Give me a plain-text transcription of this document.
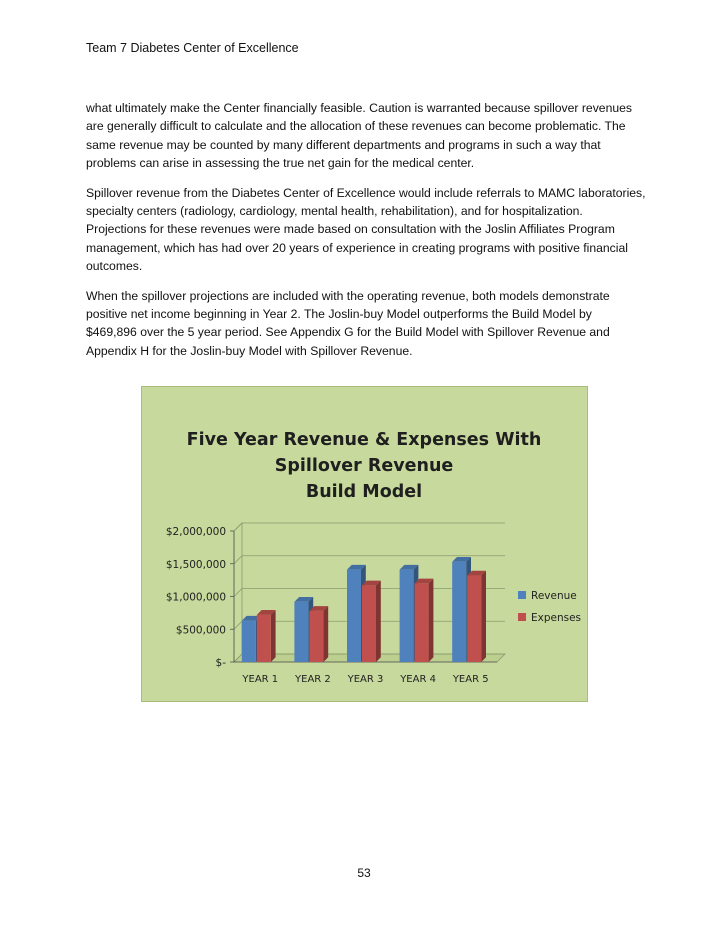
Team 7 Diabetes Center of Excellence

what ultimately make the Center financially feasible. Caution is warranted because spillover revenues are generally difficult to calculate and the allocation of these revenues can become problematic. The same revenue may be counted by many different departments and programs in such a way that problems can arise in assessing the true net gain for the medical center.

Spillover revenue from the Diabetes Center of Excellence would include referrals to MAMC laboratories, specialty centers (radiology, cardiology, mental health, rehabilitation), and for hospitalization. Projections for these revenues were made based on consultation with the Joslin Affiliates Program management, which has had over 20 years of experience in creating programs with positive financial outcomes.

When the spillover projections are included with the operating revenue, both models demonstrate positive net income beginning in Year 2. The Joslin-buy Model outperforms the Build Model by $469,896 over the 5 year period. See Appendix G for the Build Model with Spillover Revenue and Appendix H for the Joslin-buy Model with Spillover Revenue.

Five Year Revenue & Expenses With
Spillover Revenue
Build Model
$-
$500,000
$1,000,000
$1,500,000
$2,000,000
YEAR 1 YEAR 2 YEAR 3 YEAR 4 YEAR 5
Revenue
Expenses
53
